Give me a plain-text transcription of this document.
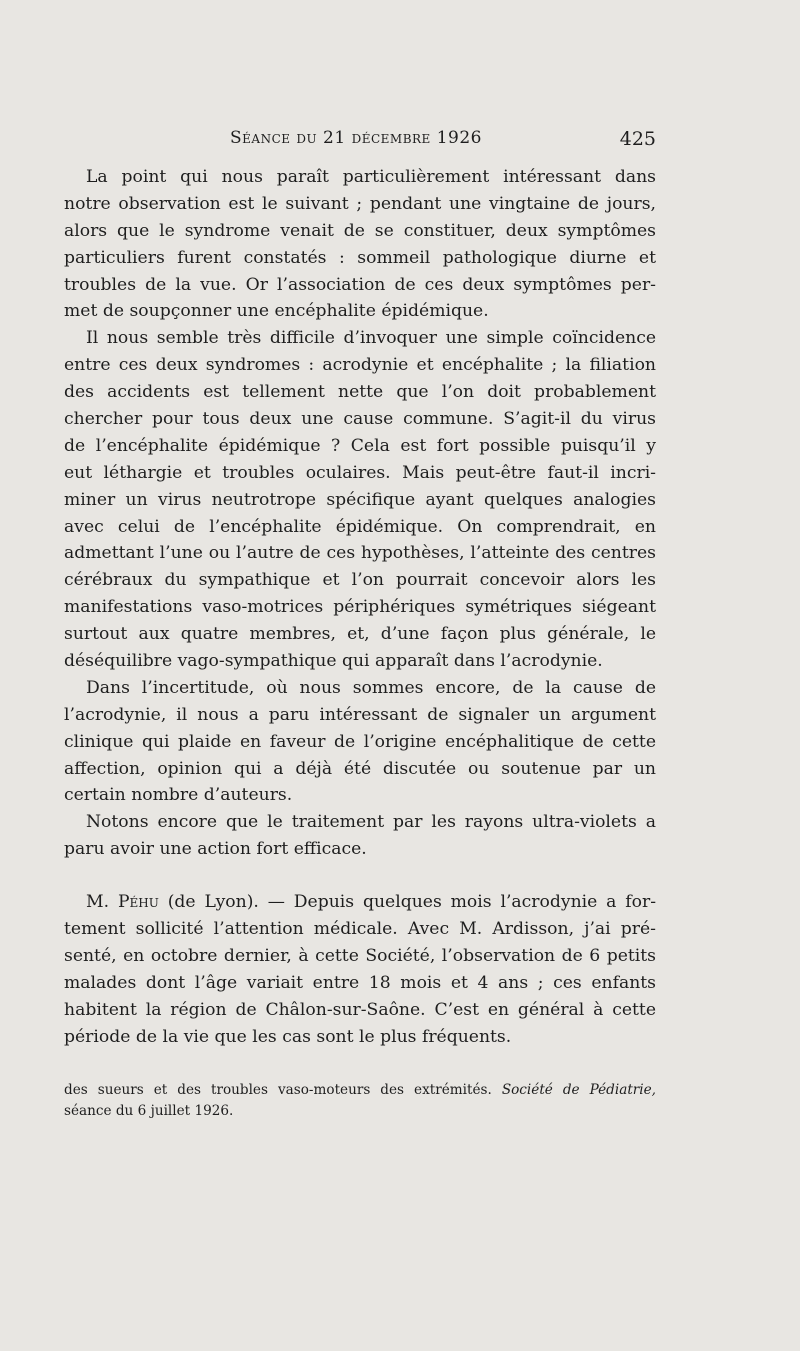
Séance du 21 décembre 1926	425
La point qui nous paraît particulièrement intéressant dans
notre observation est le suivant ; pendant une vingtaine de jours,
alors que le syndrome venait de se constituer, deux symptômes
particuliers furent constatés : sommeil pathologique diurne et
troubles de la vue. Or l’association de ces deux symptômes per-
met de soupçonner une encéphalite épidémique.
Il nous semble très difficile d’invoquer une simple coïncidence
entre ces deux syndromes : acrodynie et encéphalite ; la filiation
des accidents est tellement nette que l’on doit probablement
chercher pour tous deux une cause commune. S’agit-il du virus
de l’encéphalite épidémique ? Cela est fort possible puisqu’il y
eut léthargie et troubles oculaires. Mais peut-être faut-il incri-
miner un virus neutrotrope spécifique ayant quelques analogies
avec celui de l’encéphalite épidémique. On comprendrait, en
admettant l’une ou l’autre de ces hypothèses, l’atteinte des centres
cérébraux du sympathique et l’on pourrait concevoir alors les
manifestations vaso-motrices périphériques symétriques siégeant
surtout aux quatre membres, et, d’une façon plus générale, le
déséquilibre vago-sympathique qui apparaît dans l’acrodynie.
Dans l’incertitude, où nous sommes encore, de la cause de
l’acrodynie, il nous a paru intéressant de signaler un argument
clinique qui plaide en faveur de l’origine encéphalitique de cette
affection, opinion qui a déjà été discutée ou soutenue par un
certain nombre d’auteurs.
Notons encore que le traitement par les rayons ultra-violets a
paru avoir une action fort efficace.
M. Péhu (de Lyon). — Depuis quelques mois l’acrodynie a for-
tement sollicité l’attention médicale. Avec M. Ardisson, j’ai pré-
senté, en octobre dernier, à cette Société, l’observation de 6 petits
malades dont l’âge variait entre 18 mois et 4 ans ; ces enfants
habitent la région de Châlon-sur-Saône. C’est en général à cette
période de la vie que les cas sont le plus fréquents.
des sueurs et des troubles vaso-moteurs des extrémités. Société de Pédiatrie,
séance du 6 juillet 1926.
